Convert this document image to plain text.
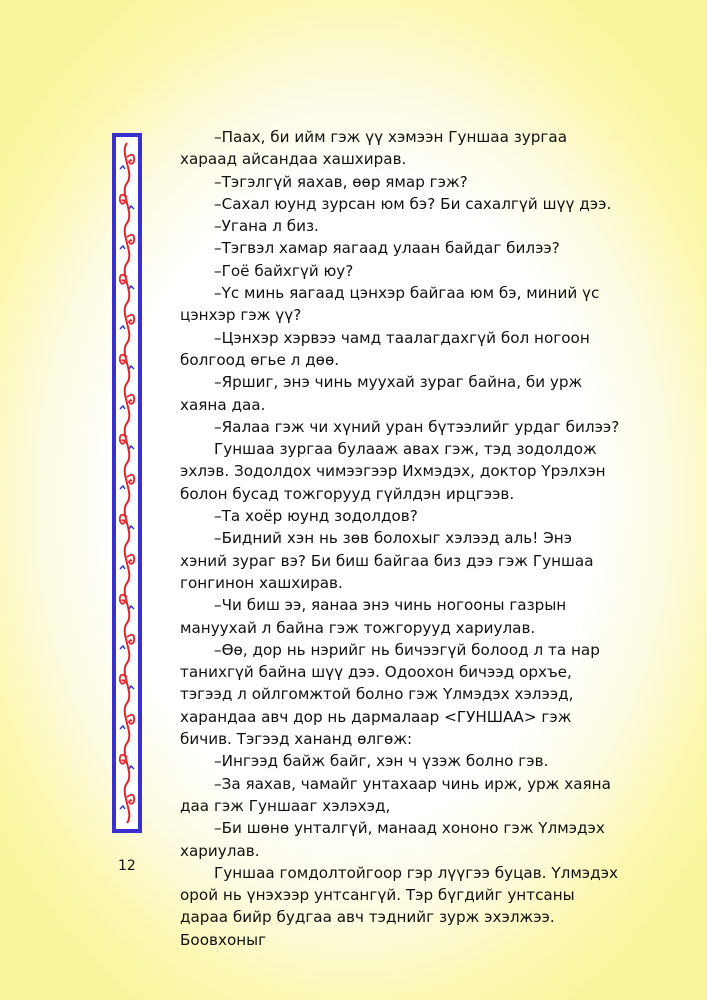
–Паах, би ийм гэж үү хэмээн Гуншаа зургаа хараад айсандаа хашхирав.

–Тэгэлгүй яахав, өөр ямар гэж?

–Сахал юунд зурсан юм бэ? Би сахалгүй шүү дээ.

–Угана л биз.

–Тэгвэл хамар яагаад улаан байдаг билээ?

–Гоё байхгүй юу?

–Үс минь яагаад цэнхэр байгаа юм бэ, миний үс цэнхэр гэж үү?

–Цэнхэр хэрвээ чамд таалагдахгүй бол ногоон болгоод өгье л дөө.

–Яршиг, энэ чинь муухай зураг байна, би урж хаяна даа.

–Яалаа гэж чи хүний уран бүтээлийг урдаг билээ?

Гуншаа зургаа булааж авах гэж, тэд зодолдож эхлэв. Зодолдох чимээгээр Ихмэдэх, доктор Үрэлхэн болон бусад тожгорууд гүйлдэн ирцгээв.

–Та хоёр юунд зодолдов?

–Бидний хэн нь зөв болохыг хэлээд аль! Энэ хэний зураг вэ? Би биш байгаа биз дээ гэж Гуншаа гонгинон хашхирав.

–Чи биш ээ, яанаа энэ чинь ногооны газрын мануухай л байна гэж тожгорууд хариулав.

–Өө, дор нь нэрийг нь бичээгүй болоод л та нар танихгүй байна шүү дээ. Одоохон бичээд орхъе, тэгээд л ойлгомжтой болно гэж Үлмэдэх хэлээд, харандаа авч дор нь дармалаар <ГУНШАА> гэж бичив. Тэгээд хананд өлгөж:

–Ингээд байж байг, хэн ч үзэж болно гэв.

–За яахав, чамайг унтахаар чинь ирж, урж хаяна даа гэж Гуншааг хэлэхэд,

–Би шөнө унталгүй, манаад хононо гэж Үлмэдэх хариулав.

Гуншаа гомдолтойгоор гэр лүүгээ буцав. Үлмэдэх орой нь үнэхээр унтсангүй. Тэр бүгдийг унтсаны дараа бийр будгаа авч тэднийг зурж эхэлжээ. Боовхоныг

12
